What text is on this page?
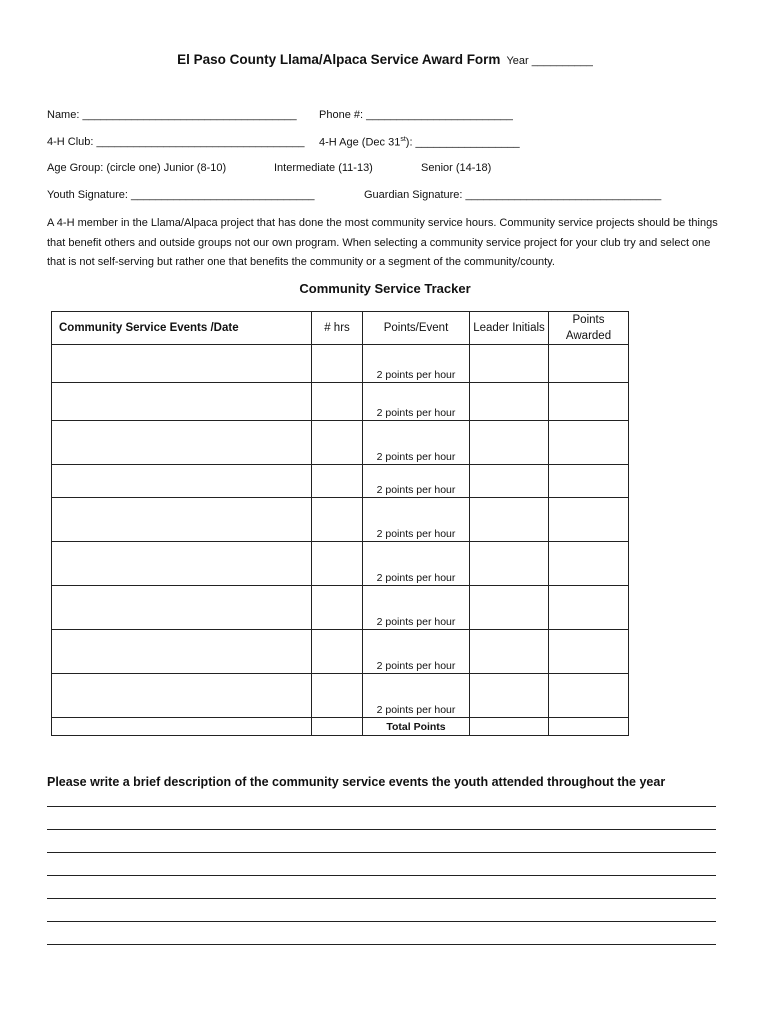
El Paso County Llama/Alpaca Service Award Form Year __________
Name: ___________________________________ Phone #: ________________________
4-H Club: __________________________________ 4-H Age (Dec 31st): _________________
Age Group: (circle one) Junior (8-10)	Intermediate (11-13)	Senior (14-18)
Youth Signature: ______________________________	Guardian Signature: ________________________________
A 4-H member in the Llama/Alpaca project that has done the most community service hours. Community service projects should be things that benefit others and outside groups not our own program. When selecting a community service project for your club try and select one that is not self-serving but rather one that benefits the community or a segment of the community/county.
Community Service Tracker
Community Service Events /Date	# hrs	Points/Event	Leader Initials	Points Awarded
		2 points per hour		
		2 points per hour		
		2 points per hour		
		2 points per hour		
		2 points per hour		
		2 points per hour		
		2 points per hour		
		2 points per hour		
		2 points per hour		
		Total Points		
Please write a brief description of the community service events the youth attended throughout the year
